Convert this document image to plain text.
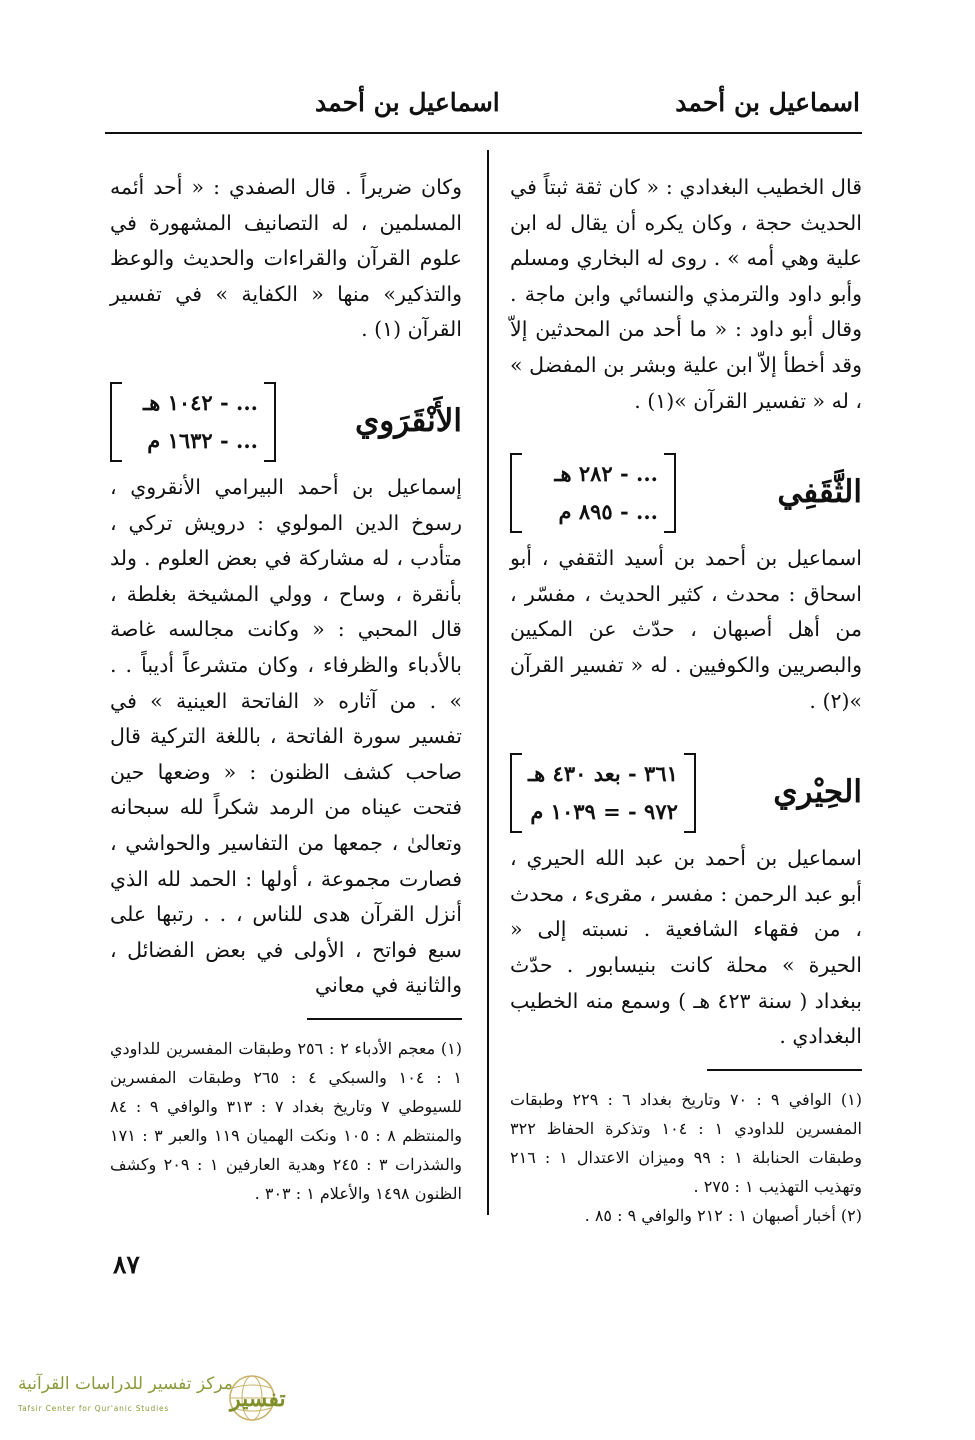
اسماعيل بن أحمد
اسماعيل بن أحمد

قال الخطيب البغدادي : « كان ثقة ثبتاً في الحديث حجة ، وكان يكره أن يقال له ابن علية وهي أمه » . روى له البخاري ومسلم وأبو داود والترمذي والنسائي وابن ماجة . وقال أبو داود : « ما أحد من المحدثين إلاّ وقد أخطأ إلاّ ابن علية وبشر بن المفضل » ، له « تفسير القرآن »(١) .

الثَّقَفِي
... - ٢٨٢ هـ
... - ٨٩٥ م

اسماعيل بن أحمد بن أسيد الثقفي ، أبو اسحاق : محدث ، كثير الحديث ، مفسّر ، من أهل أصبهان ، حدّث عن المكيين والبصريين والكوفيين . له « تفسير القرآن »(٢) .

الحِيْري
٣٦١ - بعد ٤٣٠ هـ
٩٧٢ - = ١٠٣٩ م

اسماعيل بن أحمد بن عبد الله الحيري ، أبو عبد الرحمن : مفسر ، مقرىء ، محدث ، من فقهاء الشافعية . نسبته إلى « الحيرة » محلة كانت بنيسابور . حدّث ببغداد ( سنة ٤٢٣ هـ ) وسمع منه الخطيب البغدادي .

(١) الوافي ٩ : ٧٠ وتاريخ بغداد ٦ : ٢٢٩ وطبقات المفسرين للداودي ١ : ١٠٤ وتذكرة الحفاظ ٣٢٢ وطبقات الحنابلة ١ : ٩٩ وميزان الاعتدال ١ : ٢١٦ وتهذيب التهذيب ١ : ٢٧٥ .

(٢) أخبار أصبهان ١ : ٢١٢ والوافي ٩ : ٨٥ .

وكان ضريراً . قال الصفدي : « أحد أئمه المسلمين ، له التصانيف المشهورة في علوم القرآن والقراءات والحديث والوعظ والتذكير» منها « الكفاية » في تفسير القرآن (١) .

الأَنْقَرَوي
... - ١٠٤٢ هـ
... - ١٦٣٢ م

إسماعيل بن أحمد البيرامي الأنقروي ، رسوخ الدين المولوي : درويش تركي ، متأدب ، له مشاركة في بعض العلوم . ولد بأنقرة ، وساح ، وولي المشيخة بغلطة ، قال المحبي : « وكانت مجالسه غاصة بالأدباء والظرفاء ، وكان متشرعاً أديباً . . » . من آثاره « الفاتحة العينية » في تفسير سورة الفاتحة ، باللغة التركية قال صاحب كشف الظنون : « وضعها حين فتحت عيناه من الرمد شكراً لله سبحانه وتعالىٰ ، جمعها من التفاسير والحواشي ، فصارت مجموعة ، أولها : الحمد لله الذي أنزل القرآن هدى للناس ، . . رتبها على سبع فواتح ، الأولى في بعض الفضائل ، والثانية في معاني

(١) معجم الأدباء ٢ : ٢٥٦ وطبقات المفسرين للداودي ١ : ١٠٤ والسبكي ٤ : ٢٦٥ وطبقات المفسرين للسيوطي ٧ وتاريخ بغداد ٧ : ٣١٣ والوافي ٩ : ٨٤ والمنتظم ٨ : ١٠٥ ونكت الهميان ١١٩ والعبر ٣ : ١٧١ والشذرات ٣ : ٢٤٥ وهدية العارفين ١ : ٢٠٩ وكشف الظنون ١٤٩٨ والأعلام ١ : ٣٠٣ .

٨٧
مركز تفسير للدراسات القرآنية
Tafsir Center for Qur'anic Studies	تفسير
